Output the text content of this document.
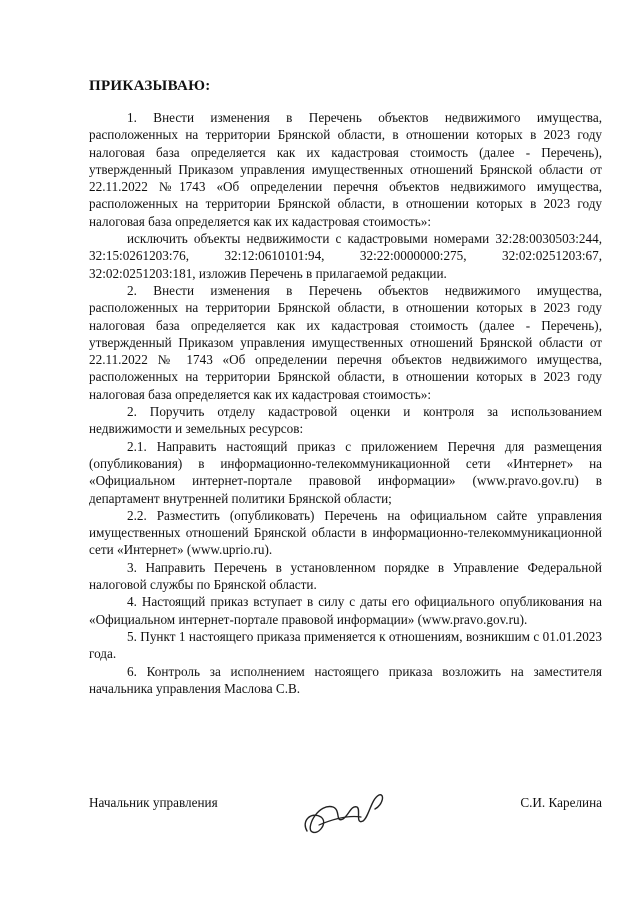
ПРИКАЗЫВАЮ:

1. Внести изменения в Перечень объектов недвижимого имущества, расположенных на территории Брянской области, в отношении которых в 2023 году налоговая база определяется как их кадастровая стоимость (далее - Перечень), утвержденный Приказом управления имущественных отношений Брянской области от 22.11.2022 №1743 «Об определении перечня объектов недвижимого имущества, расположенных на территории Брянской области, в отношении которых в 2023 году налоговая база определяется как их кадастровая стоимость»:

исключить объекты недвижимости с кадастровыми номерами 32:28:0030503:244, 32:15:0261203:76, 32:12:0610101:94, 32:22:0000000:275, 32:02:0251203:67, 32:02:0251203:181, изложив Перечень в прилагаемой редакции.

2. Внести изменения в Перечень объектов недвижимого имущества, расположенных на территории Брянской области, в отношении которых в 2023 году налоговая база определяется как их кадастровая стоимость (далее - Перечень), утвержденный Приказом управления имущественных отношений Брянской области от 22.11.2022 № 1743 «Об определении перечня объектов недвижимого имущества, расположенных на территории Брянской области, в отношении которых в 2023 году налоговая база определяется как их кадастровая стоимость»:

2. Поручить отделу кадастровой оценки и контроля за использованием недвижимости и земельных ресурсов:

2.1. Направить настоящий приказ с приложением Перечня для размещения (опубликования) в информационно-телекоммуникационной сети «Интернет» на «Официальном интернет-портале правовой информации» (www.pravo.gov.ru) в департамент внутренней политики Брянской области;

2.2. Разместить (опубликовать) Перечень на официальном сайте управления имущественных отношений Брянской области в информационно-телекоммуникационной сети «Интернет» (www.uprio.ru).

3. Направить Перечень в установленном порядке в Управление Федеральной налоговой службы по Брянской области.

4. Настоящий приказ вступает в силу с даты его официального опубликования на «Официальном интернет-портале правовой информации» (www.pravo.gov.ru).

5. Пункт 1 настоящего приказа применяется к отношениям, возникшим с 01.01.2023 года.

6. Контроль за исполнением настоящего приказа возложить на заместителя начальника управления Маслова С.В.

Начальник управления	С.И. Карелина
